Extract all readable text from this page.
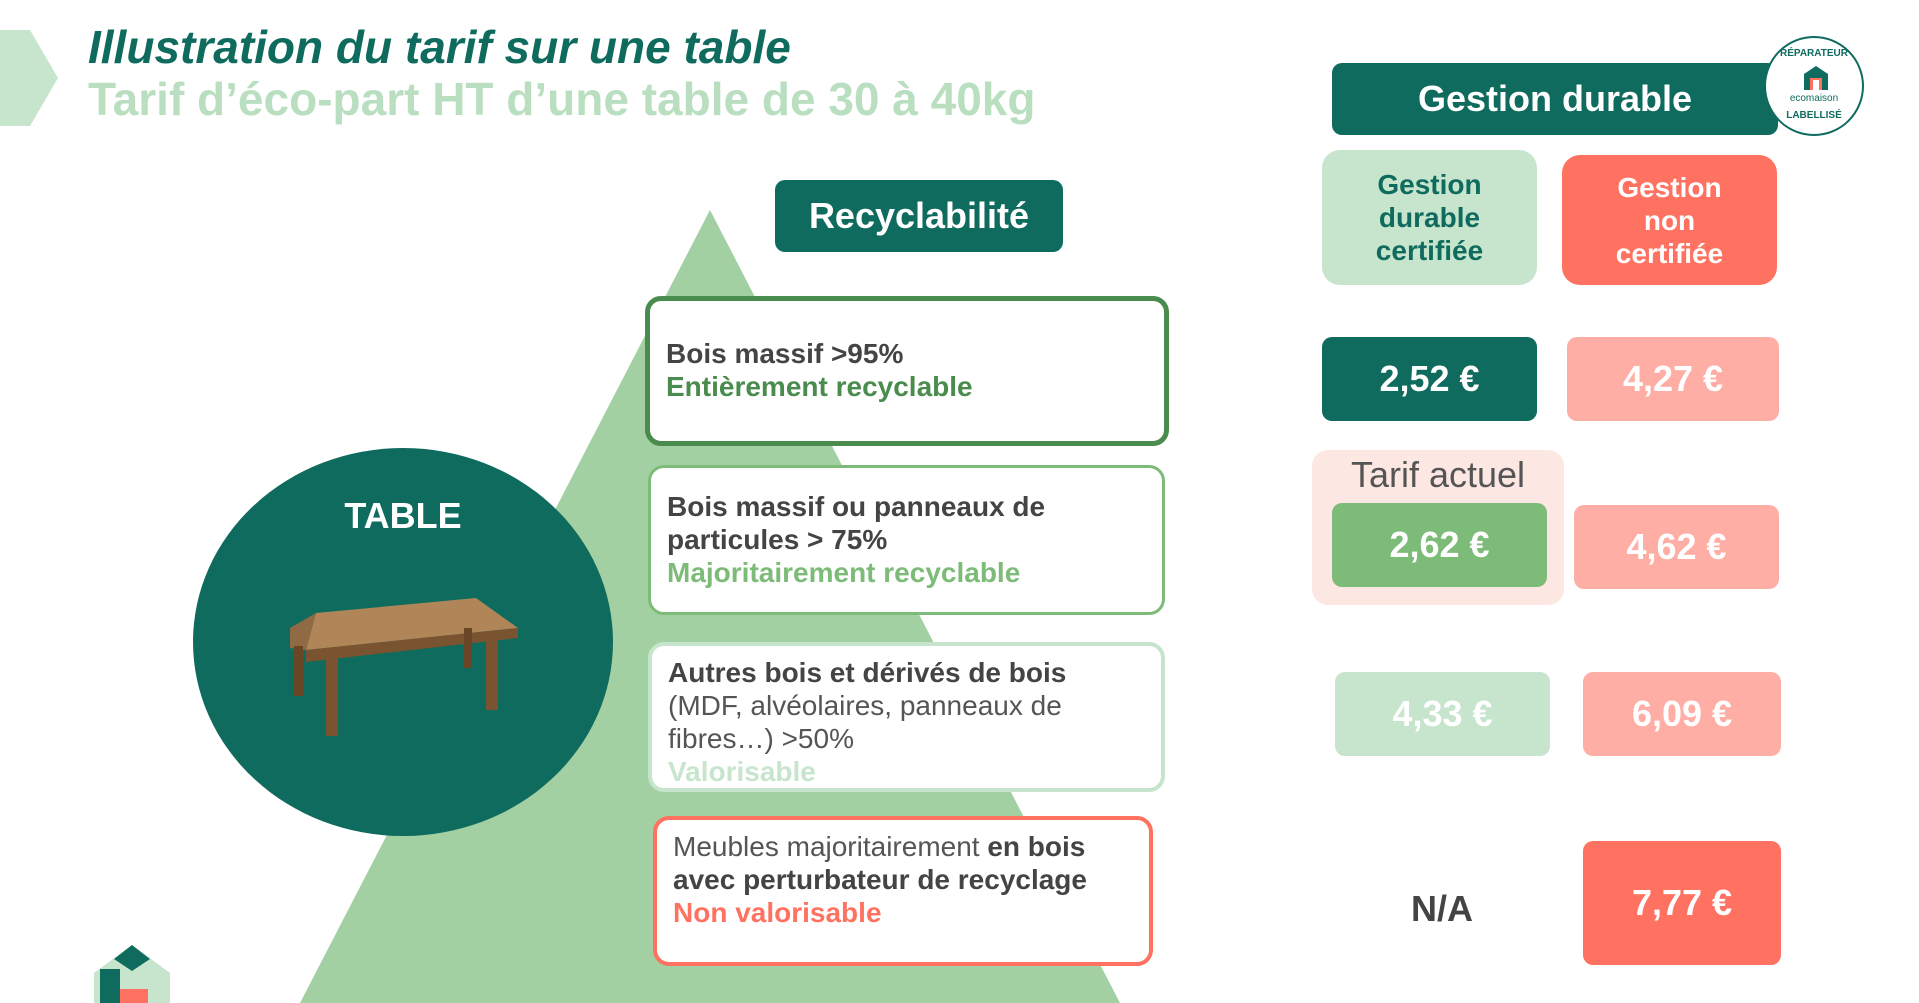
Illustration du tarif sur une table
Tarif d’éco-part HT d’une table de 30 à 40kg
TABLE
Recyclabilité
Bois massif >95%
Entièrement recyclable
Bois massif ou panneaux de particules > 75%
Majoritairement recyclable
Autres bois et dérivés de bois
(MDF, alvéolaires, panneaux de fibres…) >50%
Valorisable
Meubles majoritairement en bois avec perturbateur de recyclage
Non valorisable
Gestion durable
RÉPARATEUR
ecomaison
LABELLISÉ
Gestion durable certifiée
Gestion non certifiée
2,52 €	4,27 €
Tarif actuel
2,62 €	4,62 €
4,33 €	6,09 €
N/A	7,77 €
